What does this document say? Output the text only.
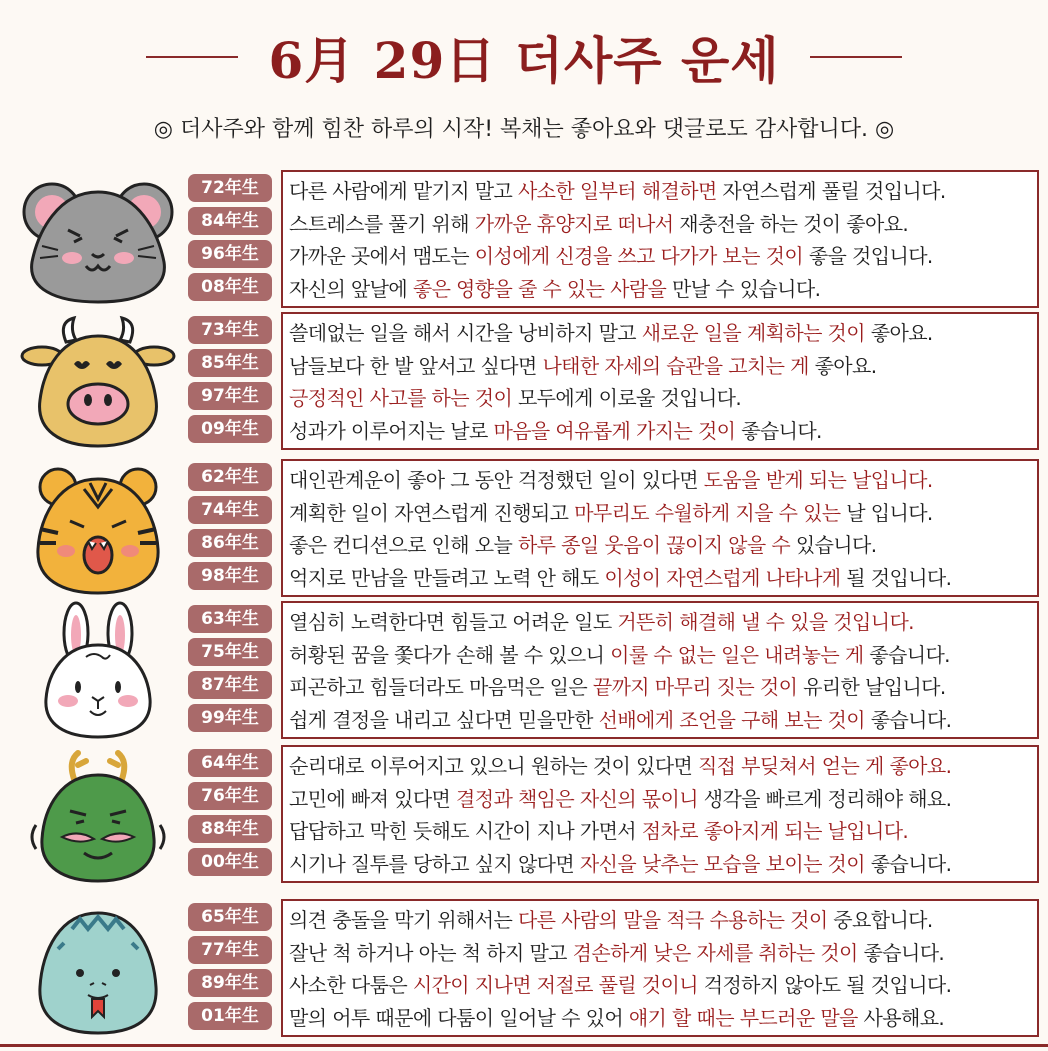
6月 29日 더사주 운세
◎ 더사주와 함께 힘찬 하루의 시작! 복채는 좋아요와 댓글로도 감사합니다. ◎
72年生
84年生
96年生
08年生
다른 사람에게 맡기지 말고 사소한 일부터 해결하면 자연스럽게 풀릴 것입니다.
스트레스를 풀기 위해 가까운 휴양지로 떠나서 재충전을 하는 것이 좋아요.
가까운 곳에서 맴도는 이성에게 신경을 쓰고 다가가 보는 것이 좋을 것입니다.
자신의 앞날에 좋은 영향을 줄 수 있는 사람을 만날 수 있습니다.
73年生
85年生
97年生
09年生
쓸데없는 일을 해서 시간을 낭비하지 말고 새로운 일을 계획하는 것이 좋아요.
남들보다 한 발 앞서고 싶다면 나태한 자세의 습관을 고치는 게 좋아요.
긍정적인 사고를 하는 것이 모두에게 이로울 것입니다.
성과가 이루어지는 날로 마음을 여유롭게 가지는 것이 좋습니다.
62年生
74年生
86年生
98年生
대인관계운이 좋아 그 동안 걱정했던 일이 있다면 도움을 받게 되는 날입니다.
계획한 일이 자연스럽게 진행되고 마무리도 수월하게 지을 수 있는 날 입니다.
좋은 컨디션으로 인해 오늘 하루 종일 웃음이 끊이지 않을 수 있습니다.
억지로 만남을 만들려고 노력 안 해도 이성이 자연스럽게 나타나게 될 것입니다.
63年生
75年生
87年生
99年生
열심히 노력한다면 힘들고 어려운 일도 거뜬히 해결해 낼 수 있을 것입니다.
허황된 꿈을 쫓다가 손해 볼 수 있으니 이룰 수 없는 일은 내려놓는 게 좋습니다.
피곤하고 힘들더라도 마음먹은 일은 끝까지 마무리 짓는 것이 유리한 날입니다.
쉽게 결정을 내리고 싶다면 믿을만한 선배에게 조언을 구해 보는 것이 좋습니다.
64年生
76年生
88年生
00年生
순리대로 이루어지고 있으니 원하는 것이 있다면 직접 부딪쳐서 얻는 게 좋아요.
고민에 빠져 있다면 결정과 책임은 자신의 몫이니 생각을 빠르게 정리해야 해요.
답답하고 막힌 듯해도 시간이 지나 가면서 점차로 좋아지게 되는 날입니다.
시기나 질투를 당하고 싶지 않다면 자신을 낮추는 모습을 보이는 것이 좋습니다.
65年生
77年生
89年生
01年生
의견 충돌을 막기 위해서는 다른 사람의 말을 적극 수용하는 것이 중요합니다.
잘난 척 하거나 아는 척 하지 말고 겸손하게 낮은 자세를 취하는 것이 좋습니다.
사소한 다툼은 시간이 지나면 저절로 풀릴 것이니 걱정하지 않아도 될 것입니다.
말의 어투 때문에 다툼이 일어날 수 있어 얘기 할 때는 부드러운 말을 사용해요.
